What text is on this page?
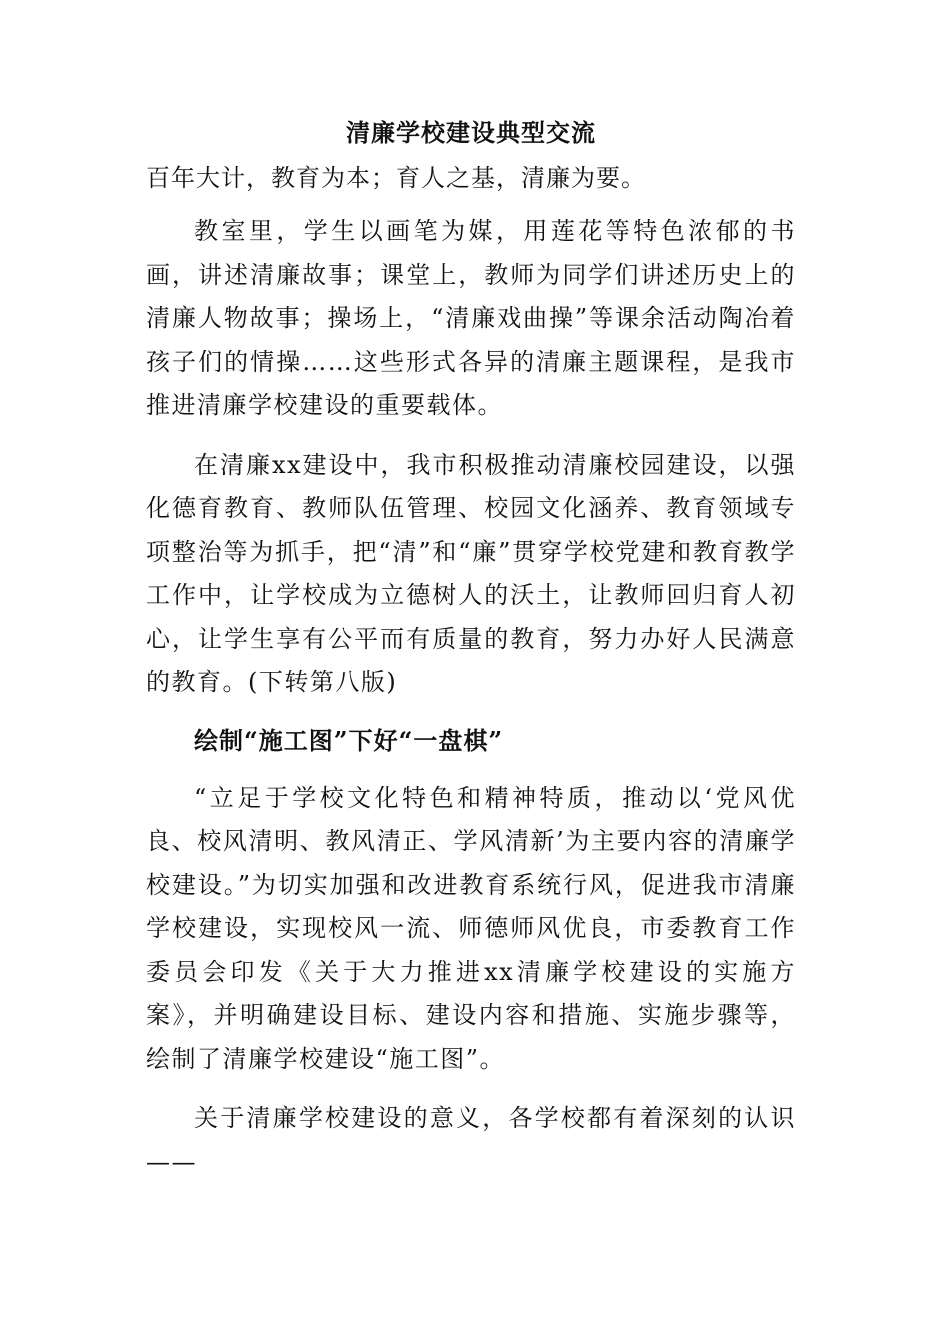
清廉学校建设典型交流

百年大计，教育为本；育人之基，清廉为要。

教室里，学生以画笔为媒，用莲花等特色浓郁的书画，讲述清廉故事；课堂上，教师为同学们讲述历史上的清廉人物故事；操场上，“清廉戏曲操”等课余活动陶冶着孩子们的情操……这些形式各异的清廉主题课程，是我市推进清廉学校建设的重要载体。

在清廉xx建设中，我市积极推动清廉校园建设，以强化德育教育、教师队伍管理、校园文化涵养、教育领域专项整治等为抓手，把“清”和“廉”贯穿学校党建和教育教学工作中，让学校成为立德树人的沃土，让教师回归育人初心，让学生享有公平而有质量的教育，努力办好人民满意的教育。(下转第八版)

绘制“施工图”下好“一盘棋”

“立足于学校文化特色和精神特质，推动以‘党风优良、校风清明、教风清正、学风清新’为主要内容的清廉学校建设。”为切实加强和改进教育系统行风，促进我市清廉学校建设，实现校风一流、师德师风优良，市委教育工作委员会印发《关于大力推进xx清廉学校建设的实施方案》，并明确建设目标、建设内容和措施、实施步骤等，绘制了清廉学校建设“施工图”。

关于清廉学校建设的意义，各学校都有着深刻的认识——
